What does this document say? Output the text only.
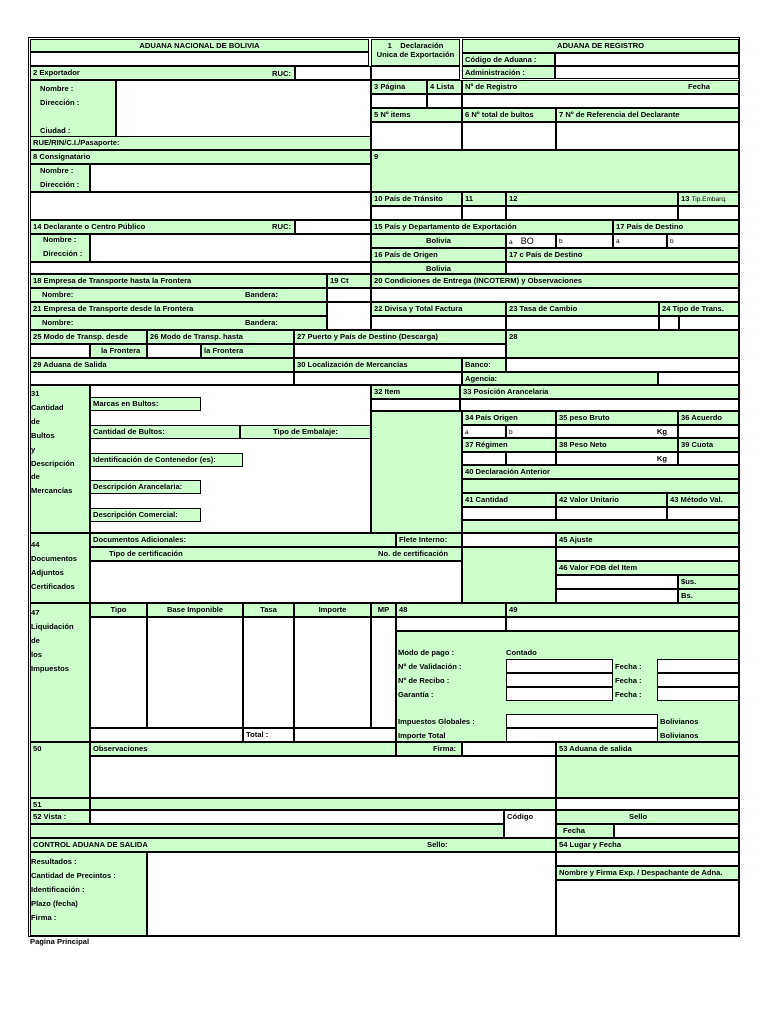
ADUANA NACIONAL DE BOLIVIA	1    Declaración
Unica de Exportación
ADUANA DE REGISTRO
Código de Aduana :
Administración :
2 Exportador	RUC:
Nombre :
Dirección :
Ciudad :
RUE/RIN/C.I./Pasaporte:
3 Página	4 Lista	Nº de Registro	Fecha
5 Nº items	6 Nº total de bultos	7 Nº de Referencia del Declarante
8 Consignatario
Nombre :
Dirección :
9
10 País de Tránsito	11	12	13 Tip.Embarq.
14 Declarante o Centro Público	RUC:
Nombre :
Dirección :
15 País y Departamento de Exportación	17 País de Destino
Bolivia	a BO	b	a	b
16 País de Origen	17 c País de Destino
Bolivia
18 Empresa de Transporte hasta la Frontera	19 Ct	20 Condiciones de Entrega (INCOTERM) y Observaciones
Nombre:	Bandera:
21 Empresa de Transporte desde la Frontera
Nombre:	Bandera:
22 Divisa y Total Factura	23 Tasa de Cambio	24 Tipo de Trans.
25 Modo de Transp. desde	26 Modo de Transp. hasta	27 Puerto y País de Destino (Descarga)	28
la Frontera	la Frontera
29 Aduana de Salida	30 Localización de Mercancías	Banco:
Agencia:
31
Cantidad
de
Bultos
y
Descripción
de
Mercancías
Marcas en Bultos:
Cantidad de Bultos:	Tipo de Embalaje:
Identificación de Contenedor (es):
Descripción Arancelaria:
Descripción Comercial:
32 Item	33 Posición Arancelaria
34 País Origen
a	b
35 peso Bruto
Kg
36 Acuerdo
37 Régimen	38 Peso Neto
Kg
39 Cuota
40 Declaración Anterior
41 Cantidad	42 Valor Unitario	43 Método Val.
44
Documentos
Adjuntos
Certificados
Documentos Adicionales:	Flete Interno:
Tipo de certificación	No. de certificación
45 Ajuste
46 Valor FOB del Item
$us.
Bs.
47
Liquidación
de
los
Impuestos
Tipo	Base Imponible	Tasa	Importe	MP
Total :
48	49
Modo de pago :	Contado
Nº de Validación :	Fecha :
Nº de Recibo :	Fecha :
Garantía :	Fecha :
Impuestos Globales :	Bolivianos
Importe Total	Bolivianos
50	Observaciones	Firma:	53 Aduana de salida
51
52 Vista :	Código	Sello
Fecha
CONTROL ADUANA DE SALIDA	Sello:
Resultados :
Cantidad de Precintos :
Identificación :
Plazo (fecha)
Firma :
54 Lugar y Fecha
Nombre y Firma Exp. / Despachante de Adna.
Pagina Principal
